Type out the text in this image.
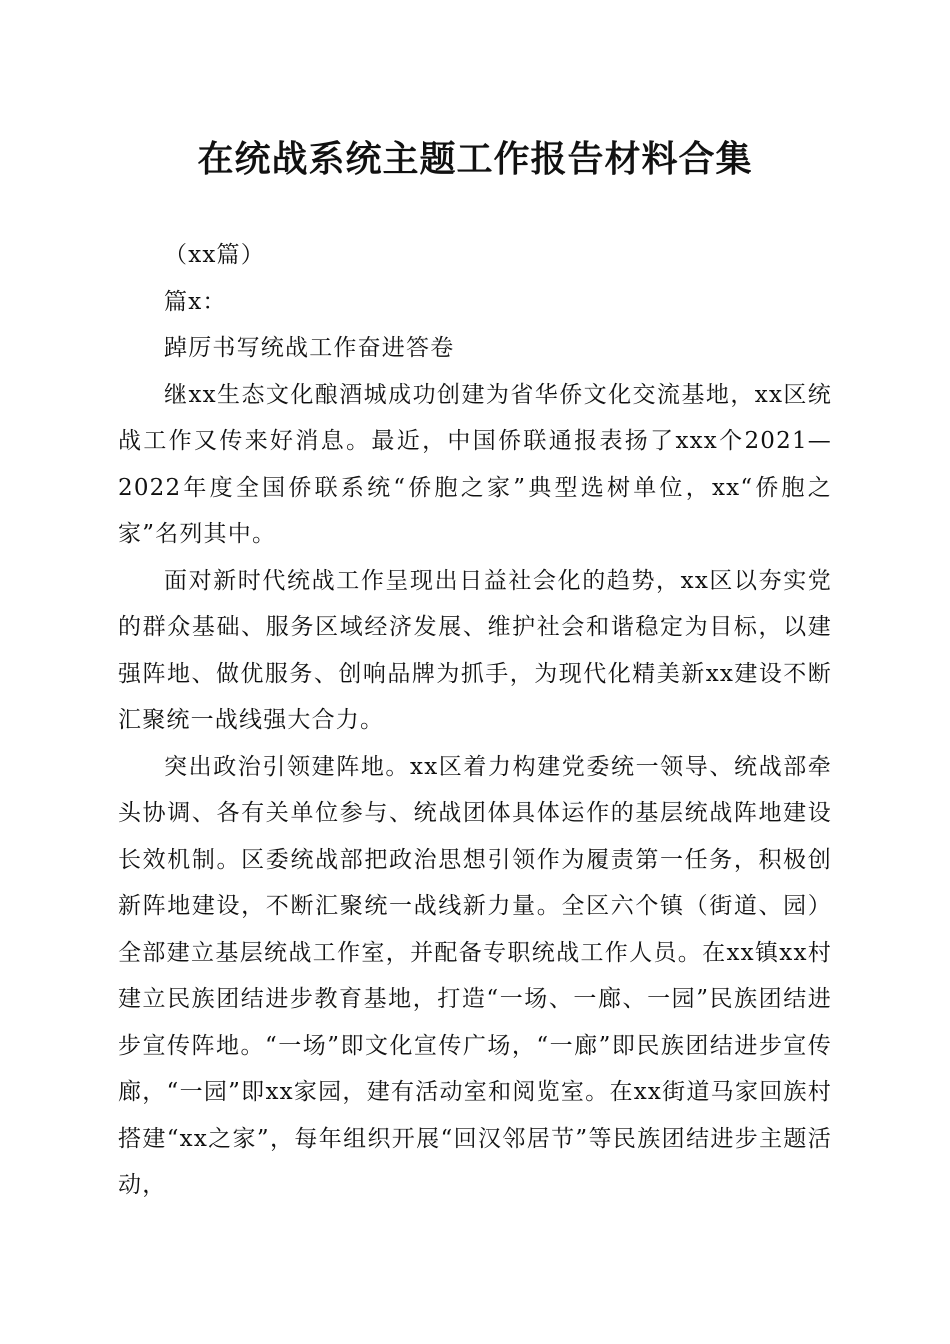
在统战系统主题工作报告材料合集

（xx篇）

篇x：

踔厉书写统战工作奋进答卷

继xx生态文化酿酒城成功创建为省华侨文化交流基地，xx区统战工作又传来好消息。最近，中国侨联通报表扬了xxx个2021—2022年度全国侨联系统“侨胞之家”典型选树单位，xx“侨胞之家”名列其中。

面对新时代统战工作呈现出日益社会化的趋势，xx区以夯实党的群众基础、服务区域经济发展、维护社会和谐稳定为目标，以建强阵地、做优服务、创响品牌为抓手，为现代化精美新xx建设不断汇聚统一战线强大合力。

突出政治引领建阵地。xx区着力构建党委统一领导、统战部牵头协调、各有关单位参与、统战团体具体运作的基层统战阵地建设长效机制。区委统战部把政治思想引领作为履责第一任务，积极创新阵地建设，不断汇聚统一战线新力量。全区六个镇（街道、园）全部建立基层统战工作室，并配备专职统战工作人员。在xx镇xx村建立民族团结进步教育基地，打造“一场、一廊、一园”民族团结进步宣传阵地。“一场”即文化宣传广场，“一廊”即民族团结进步宣传廊，“一园”即xx家园，建有活动室和阅览室。在xx街道马家回族村搭建“xx之家”，每年组织开展“回汉邻居节”等民族团结进步主题活动，
